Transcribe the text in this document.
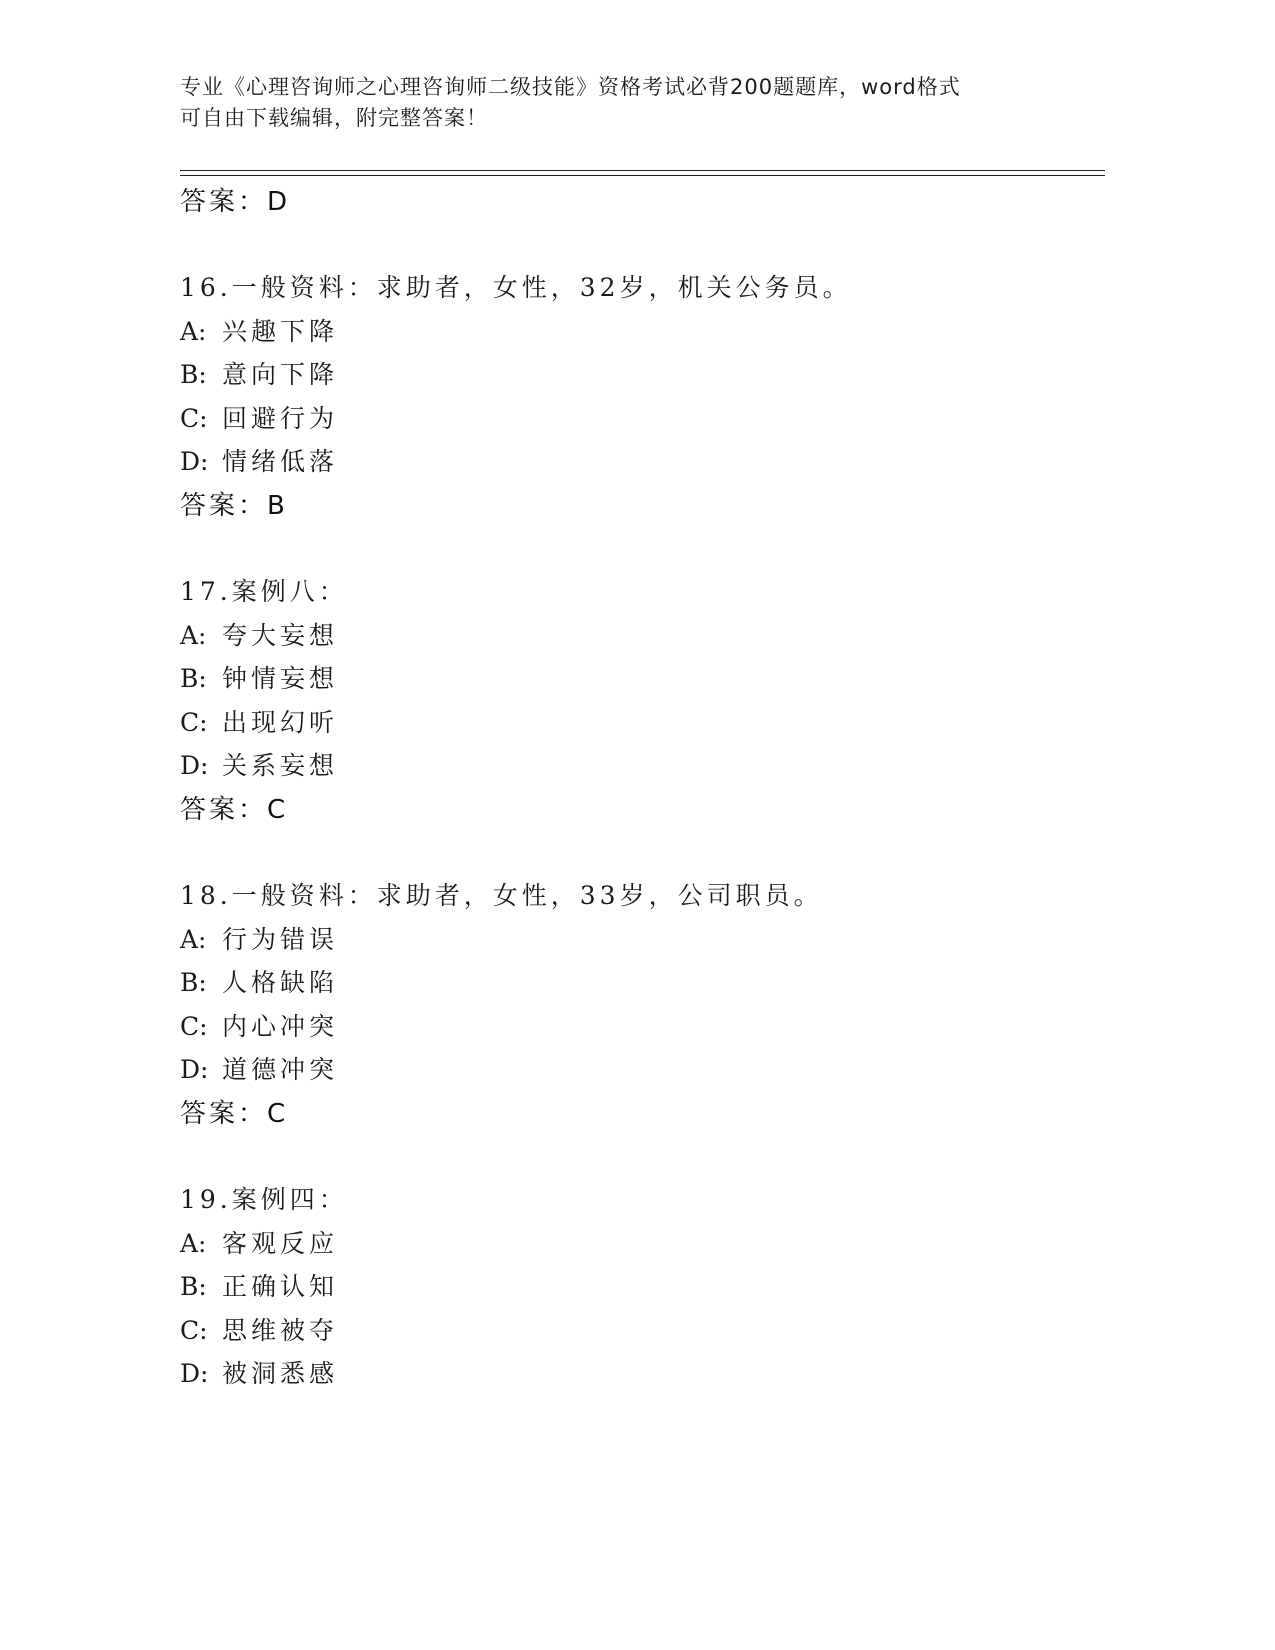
专业《心理咨询师之心理咨询师二级技能》资格考试必背200题题库，word格式
可自由下载编辑，附完整答案！
答案：D
16.一般资料：求助者，女性，32岁，机关公务员。
A: 兴趣下降
B: 意向下降
C: 回避行为
D: 情绪低落
答案：B
17.案例八：
A: 夸大妄想
B: 钟情妄想
C: 出现幻听
D: 关系妄想
答案：C
18.一般资料：求助者，女性，33岁，公司职员。
A: 行为错误
B: 人格缺陷
C: 内心冲突
D: 道德冲突
答案：C
19.案例四：
A: 客观反应
B: 正确认知
C: 思维被夺
D: 被洞悉感
